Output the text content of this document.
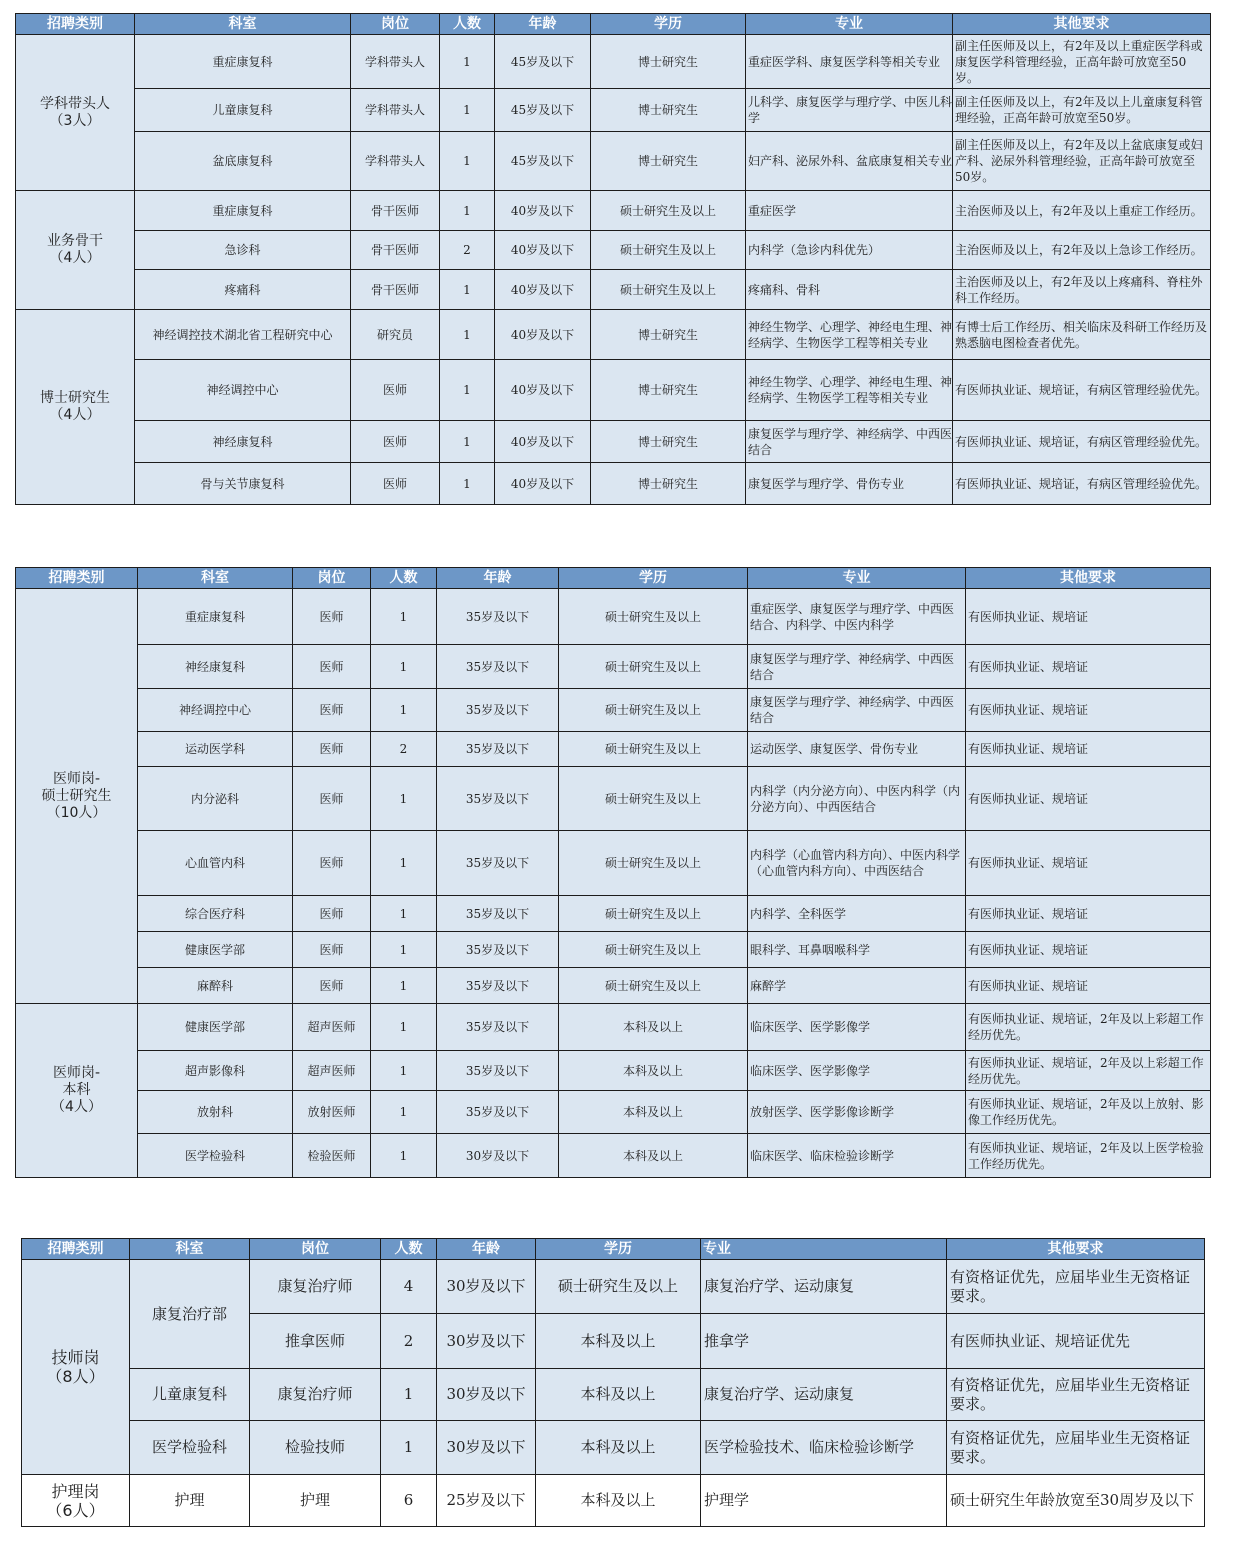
招聘类别	科室	岗位	人数	年龄	学历	专业	其他要求

学科带头人
（3人）	重症康复科	学科带头人	1	45岁及以下	博士研究生	重症医学科、康复医学科等相关专业	副主任医师及以上，有2年及以上重症医学科或康复医学科管理经验，正高年龄可放宽至50岁。
	儿童康复科	学科带头人	1	45岁及以下	博士研究生	儿科学、康复医学与理疗学、中医儿科学	副主任医师及以上，有2年及以上儿童康复科管理经验，正高年龄可放宽至50岁。
	盆底康复科	学科带头人	1	45岁及以下	博士研究生	妇产科、泌尿外科、盆底康复相关专业	副主任医师及以上，有2年及以上盆底康复或妇产科、泌尿外科管理经验，正高年龄可放宽至50岁。

业务骨干
（4人）	重症康复科	骨干医师	1	40岁及以下	硕士研究生及以上	重症医学	主治医师及以上，有2年及以上重症工作经历。
	急诊科	骨干医师	2	40岁及以下	硕士研究生及以上	内科学（急诊内科优先）	主治医师及以上，有2年及以上急诊工作经历。
	疼痛科	骨干医师	1	40岁及以下	硕士研究生及以上	疼痛科、骨科	主治医师及以上，有2年及以上疼痛科、脊柱外科工作经历。

博士研究生
（4人）	神经调控技术湖北省工程研究中心	研究员	1	40岁及以下	博士研究生	神经生物学、心理学、神经电生理、神经病学、生物医学工程等相关专业	有博士后工作经历、相关临床及科研工作经历及熟悉脑电图检查者优先。
	神经调控中心	医师	1	40岁及以下	博士研究生	神经生物学、心理学、神经电生理、神经病学、生物医学工程等相关专业	有医师执业证、规培证，有病区管理经验优先。
	神经康复科	医师	1	40岁及以下	博士研究生	康复医学与理疗学、神经病学、中西医结合	有医师执业证、规培证，有病区管理经验优先。
	骨与关节康复科	医师	1	40岁及以下	博士研究生	康复医学与理疗学、骨伤专业	有医师执业证、规培证，有病区管理经验优先。
招聘类别	科室	岗位	人数	年龄	学历	专业	其他要求

医师岗-
硕士研究生
（10人）	重症康复科	医师	1	35岁及以下	硕士研究生及以上	重症医学、康复医学与理疗学、中西医结合、内科学、中医内科学	有医师执业证、规培证
	神经康复科	医师	1	35岁及以下	硕士研究生及以上	康复医学与理疗学、神经病学、中西医结合	有医师执业证、规培证
	神经调控中心	医师	1	35岁及以下	硕士研究生及以上	康复医学与理疗学、神经病学、中西医结合	有医师执业证、规培证
	运动医学科	医师	2	35岁及以下	硕士研究生及以上	运动医学、康复医学、骨伤专业	有医师执业证、规培证
	内分泌科	医师	1	35岁及以下	硕士研究生及以上	内科学（内分泌方向）、中医内科学（内分泌方向）、中西医结合	有医师执业证、规培证
	心血管内科	医师	1	35岁及以下	硕士研究生及以上	内科学（心血管内科方向）、中医内科学（心血管内科方向）、中西医结合	有医师执业证、规培证
	综合医疗科	医师	1	35岁及以下	硕士研究生及以上	内科学、全科医学	有医师执业证、规培证
	健康医学部	医师	1	35岁及以下	硕士研究生及以上	眼科学、耳鼻咽喉科学	有医师执业证、规培证
	麻醉科	医师	1	35岁及以下	硕士研究生及以上	麻醉学	有医师执业证、规培证

医师岗-
本科
（4人）	健康医学部	超声医师	1	35岁及以下	本科及以上	临床医学、医学影像学	有医师执业证、规培证，2年及以上彩超工作经历优先。
	超声影像科	超声医师	1	35岁及以下	本科及以上	临床医学、医学影像学	有医师执业证、规培证，2年及以上彩超工作经历优先。
	放射科	放射医师	1	35岁及以下	本科及以上	放射医学、医学影像诊断学	有医师执业证、规培证，2年及以上放射、影像工作经历优先。
	医学检验科	检验医师	1	30岁及以下	本科及以上	临床医学、临床检验诊断学	有医师执业证、规培证，2年及以上医学检验工作经历优先。
招聘类别	科室	岗位	人数	年龄	学历	专业	其他要求

技师岗
（8人）	康复治疗部	康复治疗师	4	30岁及以下	硕士研究生及以上	康复治疗学、运动康复	有资格证优先，应届毕业生无资格证要求。
		推拿医师	2	30岁及以下	本科及以上	推拿学	有医师执业证、规培证优先
	儿童康复科	康复治疗师	1	30岁及以下	本科及以上	康复治疗学、运动康复	有资格证优先，应届毕业生无资格证要求。
	医学检验科	检验技师	1	30岁及以下	本科及以上	医学检验技术、临床检验诊断学	有资格证优先，应届毕业生无资格证要求。

护理岗
（6人）	护理	护理	6	25岁及以下	本科及以上	护理学	硕士研究生年龄放宽至30周岁及以下
